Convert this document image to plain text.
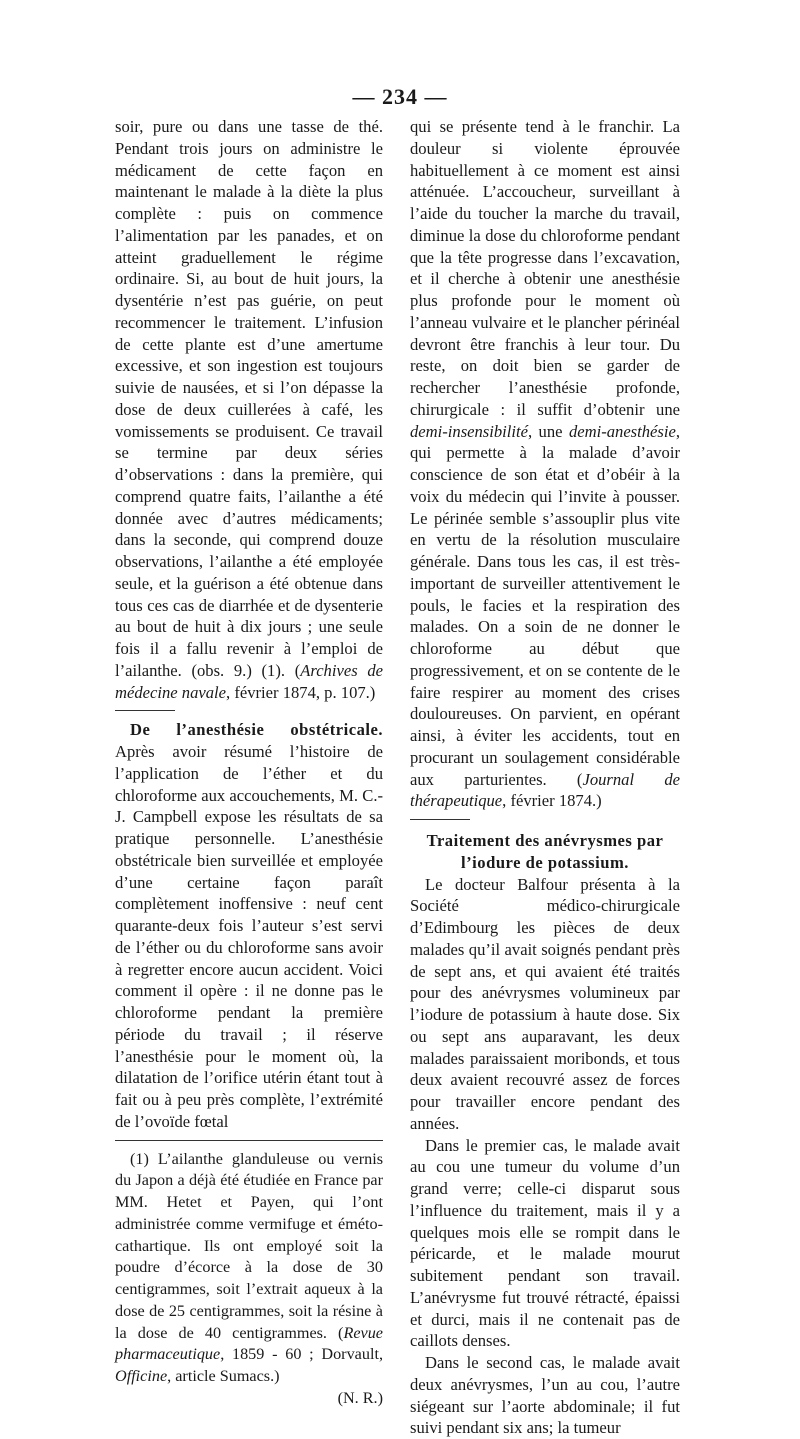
— 234 —

soir, pure ou dans une tasse de thé. Pendant trois jours on administre le médicament de cette façon en maintenant le malade à la diète la plus complète : puis on commence l’alimentation par les panades, et on atteint graduellement le régime ordinaire. Si, au bout de huit jours, la dysentérie n’est pas guérie, on peut recommencer le traitement. L’infusion de cette plante est d’une amertume excessive, et son ingestion est toujours suivie de nausées, et si l’on dépasse la dose de deux cuillerées à café, les vomissements se produisent. Ce travail se termine par deux séries d’observations : dans la première, qui comprend quatre faits, l’ailanthe a été donnée avec d’autres médicaments; dans la seconde, qui comprend douze observations, l’ailanthe a été employée seule, et la guérison a été obtenue dans tous ces cas de diarrhée et de dysenterie au bout de huit à dix jours ; une seule fois il a fallu revenir à l’emploi de l’ailanthe. (obs. 9.) (1). (Archives de médecine navale, février 1874, p. 107.)

De l’anesthésie obstétricale. Après avoir résumé l’histoire de l’application de l’éther et du chloroforme aux accouchements, M. C.-J. Campbell expose les résultats de sa pratique personnelle. L’anesthésie obstétricale bien surveillée et employée d’une certaine façon paraît complètement inoffensive : neuf cent quarante-deux fois l’auteur s’est servi de l’éther ou du chloroforme sans avoir à regretter encore aucun accident. Voici comment il opère : il ne donne pas le chloroforme pendant la première période du travail ; il réserve l’anesthésie pour le moment où, la dilatation de l’orifice utérin étant tout à fait ou à peu près complète, l’extrémité de l’ovoïde fœtal

(1) L’ailanthe glanduleuse ou vernis du Japon a déjà été étudiée en France par MM. Hetet et Payen, qui l’ont administrée comme vermifuge et éméto-cathartique. Ils ont employé soit la poudre d’écorce à la dose de 30 centigrammes, soit l’extrait aqueux à la dose de 25 centigrammes, soit la résine à la dose de 40 centigrammes. (Revue pharmaceutique, 1859 - 60 ; Dorvault, Officine, article Sumacs.)

(N. R.)

qui se présente tend à le franchir. La douleur si violente éprouvée habituellement à ce moment est ainsi atténuée. L’accoucheur, surveillant à l’aide du toucher la marche du travail, diminue la dose du chloroforme pendant que la tête progresse dans l’excavation, et il cherche à obtenir une anesthésie plus profonde pour le moment où l’anneau vulvaire et le plancher périnéal devront être franchis à leur tour. Du reste, on doit bien se garder de rechercher l’anesthésie profonde, chirurgicale : il suffit d’obtenir une demi-insensibilité, une demi-anesthésie, qui permette à la malade d’avoir conscience de son état et d’obéir à la voix du médecin qui l’invite à pousser. Le périnée semble s’assouplir plus vite en vertu de la résolution musculaire générale. Dans tous les cas, il est très-important de surveiller attentivement le pouls, le facies et la respiration des malades. On a soin de ne donner le chloroforme au début que progressivement, et on se contente de le faire respirer au moment des crises douloureuses. On parvient, en opérant ainsi, à éviter les accidents, tout en procurant un soulagement considérable aux parturientes. (Journal de thérapeutique, février 1874.)

Traitement des anévrysmes par l’iodure de potassium.

Le docteur Balfour présenta à la Société médico-chirurgicale d’Edimbourg les pièces de deux malades qu’il avait soignés pendant près de sept ans, et qui avaient été traités pour des anévrysmes volumineux par l’iodure de potassium à haute dose. Six ou sept ans auparavant, les deux malades paraissaient moribonds, et tous deux avaient recouvré assez de forces pour travailler encore pendant des années.

Dans le premier cas, le malade avait au cou une tumeur du volume d’un grand verre; celle-ci disparut sous l’influence du traitement, mais il y a quelques mois elle se rompit dans le péricarde, et le malade mourut subitement pendant son travail. L’anévrysme fut trouvé rétracté, épaissi et durci, mais il ne contenait pas de caillots denses.

Dans le second cas, le malade avait deux anévrysmes, l’un au cou, l’autre siégeant sur l’aorte abdominale; il fut suivi pendant six ans; la tumeur
